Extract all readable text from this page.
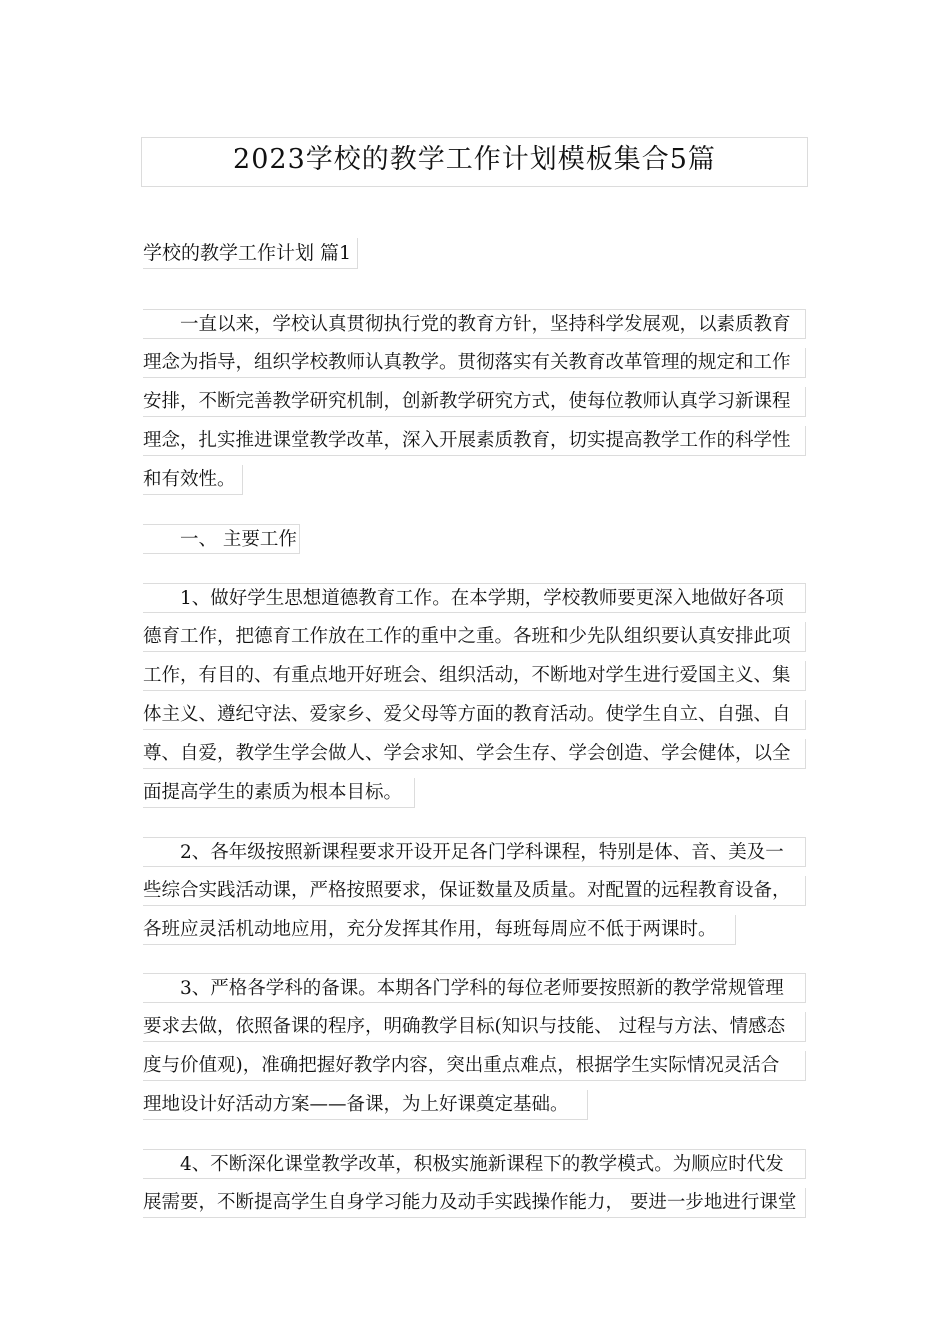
2023学校的教学工作计划模板集合5篇
学校的教学工作计划 篇1
一直以来，学校认真贯彻执行党的教育方针，坚持科学发展观，以素质教育
理念为指导，组织学校教师认真教学。贯彻落实有关教育改革管理的规定和工作
安排，不断完善教学研究机制，创新教学研究方式，使每位教师认真学习新课程
理念，扎实推进课堂教学改革，深入开展素质教育，切实提高教学工作的科学性
和有效性。
一、 主要工作
1、做好学生思想道德教育工作。在本学期，学校教师要更深入地做好各项
德育工作，把德育工作放在工作的重中之重。各班和少先队组织要认真安排此项
工作，有目的、有重点地开好班会、组织活动，不断地对学生进行爱国主义、集
体主义、遵纪守法、爱家乡、爱父母等方面的教育活动。使学生自立、自强、自
尊、自爱，教学生学会做人、学会求知、学会生存、学会创造、学会健体，以全
面提高学生的素质为根本目标。
2、各年级按照新课程要求开设开足各门学科课程，特别是体、音、美及一
些综合实践活动课，严格按照要求，保证数量及质量。对配置的远程教育设备，
各班应灵活机动地应用，充分发挥其作用，每班每周应不低于两课时。
3、严格各学科的备课。本期各门学科的每位老师要按照新的教学常规管理
要求去做，依照备课的程序，明确教学目标(知识与技能、 过程与方法、情感态
度与价值观)，准确把握好教学内容，突出重点难点，根据学生实际情况灵活合
理地设计好活动方案——备课，为上好课奠定基础。
4、不断深化课堂教学改革，积极实施新课程下的教学模式。为顺应时代发
展需要，不断提高学生自身学习能力及动手实践操作能力， 要进一步地进行课堂
